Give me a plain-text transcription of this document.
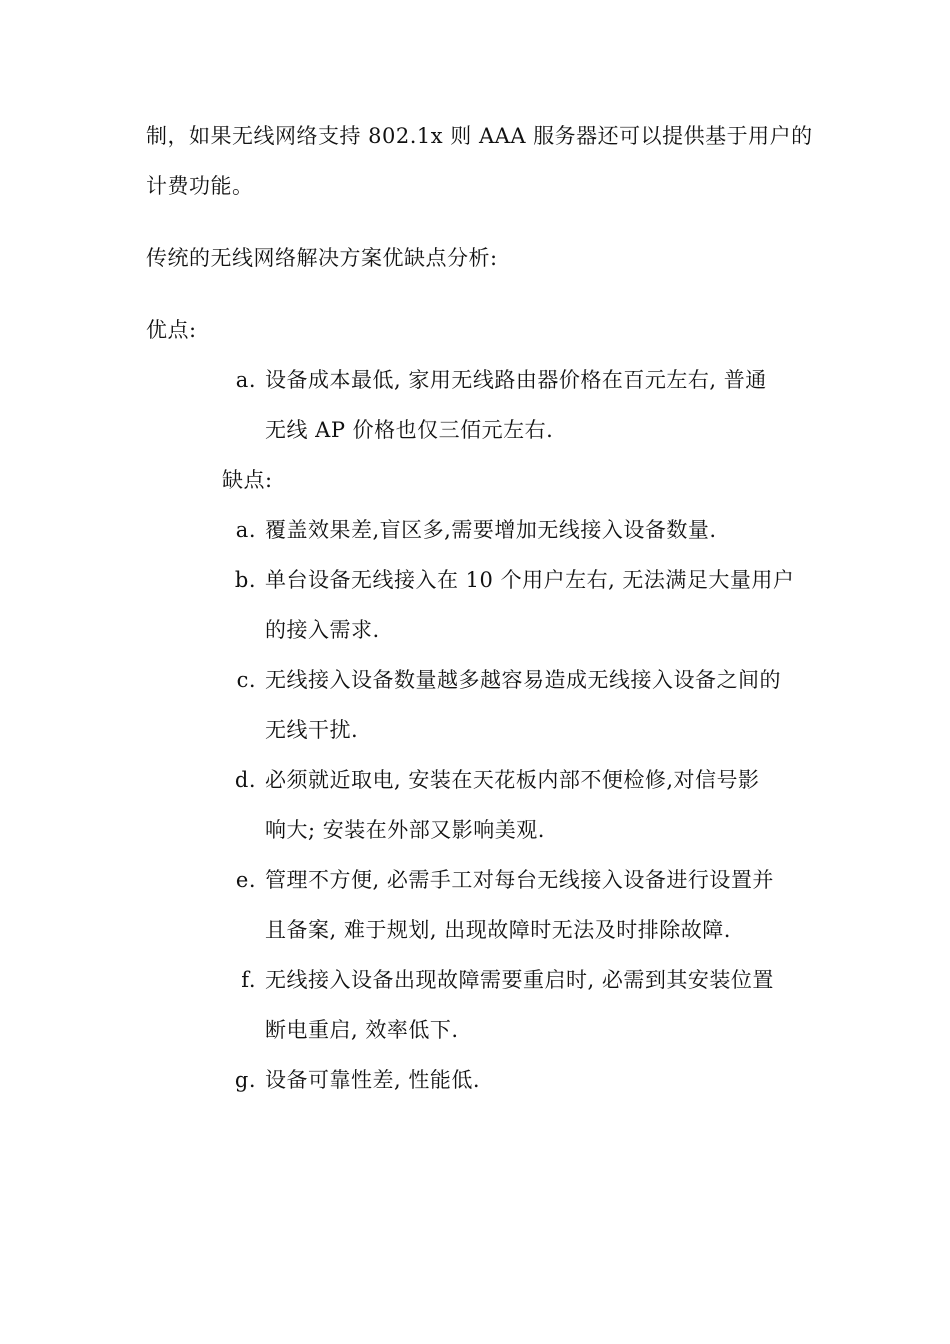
制，如果无线网络支持 802.1x 则 AAA 服务器还可以提供基于用户的
计费功能。
传统的无线网络解决方案优缺点分析:
优点:
a. 设备成本最低, 家用无线路由器价格在百元左右, 普通
无线 AP 价格也仅三佰元左右.
缺点:
a. 覆盖效果差,盲区多,需要增加无线接入设备数量.
b. 单台设备无线接入在 10 个用户左右, 无法满足大量用户
的接入需求.
c. 无线接入设备数量越多越容易造成无线接入设备之间的
无线干扰.
d. 必须就近取电, 安装在天花板内部不便检修,对信号影
响大; 安装在外部又影响美观.
e. 管理不方便, 必需手工对每台无线接入设备进行设置并
且备案, 难于规划, 出现故障时无法及时排除故障.
f. 无线接入设备出现故障需要重启时, 必需到其安装位置
断电重启, 效率低下.
g. 设备可靠性差, 性能低.
